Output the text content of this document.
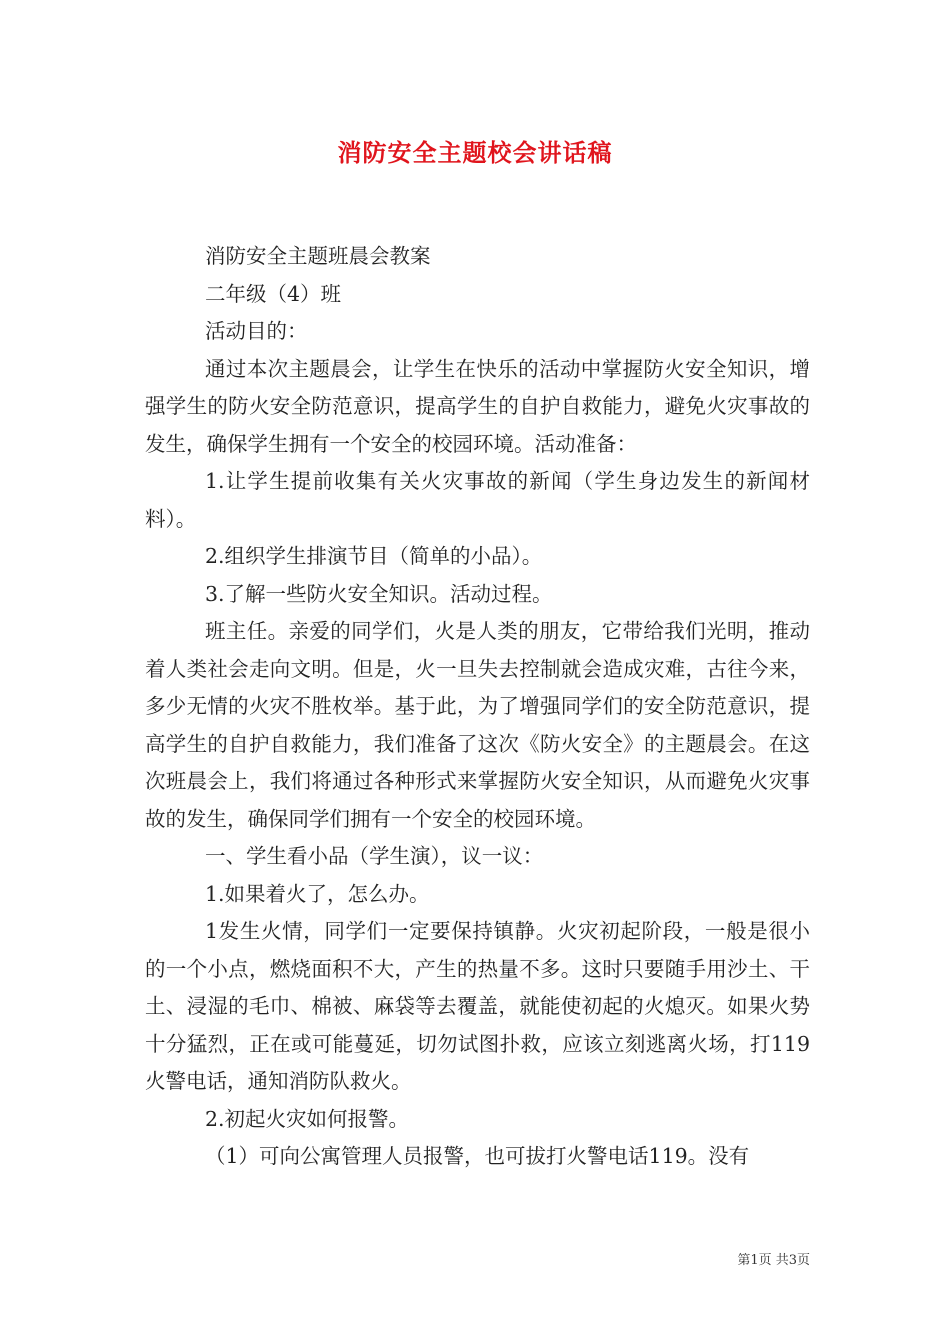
消防安全主题校会讲话稿

消防安全主题班晨会教案

二年级（4）班

活动目的：

通过本次主题晨会，让学生在快乐的活动中掌握防火安全知识，增强学生的防火安全防范意识，提高学生的自护自救能力，避免火灾事故的发生，确保学生拥有一个安全的校园环境。活动准备：

1.让学生提前收集有关火灾事故的新闻（学生身边发生的新闻材料）。

2.组织学生排演节目（简单的小品）。

3.了解一些防火安全知识。活动过程。

班主任。亲爱的同学们，火是人类的朋友，它带给我们光明，推动着人类社会走向文明。但是，火一旦失去控制就会造成灾难，古往今来，多少无情的火灾不胜枚举。基于此，为了增强同学们的安全防范意识，提高学生的自护自救能力，我们准备了这次《防火安全》的主题晨会。在这次班晨会上，我们将通过各种形式来掌握防火安全知识，从而避免火灾事故的发生，确保同学们拥有一个安全的校园环境。

一、学生看小品（学生演），议一议：

1.如果着火了，怎么办。

1发生火情，同学们一定要保持镇静。火灾初起阶段，一般是很小的一个小点，燃烧面积不大，产生的热量不多。这时只要随手用沙土、干土、浸湿的毛巾、棉被、麻袋等去覆盖，就能使初起的火熄灭。如果火势十分猛烈，正在或可能蔓延，切勿试图扑救，应该立刻逃离火场，打119火警电话，通知消防队救火。

2.初起火灾如何报警。

（1）可向公寓管理人员报警，也可拔打火警电话119。没有

第1页 共3页
